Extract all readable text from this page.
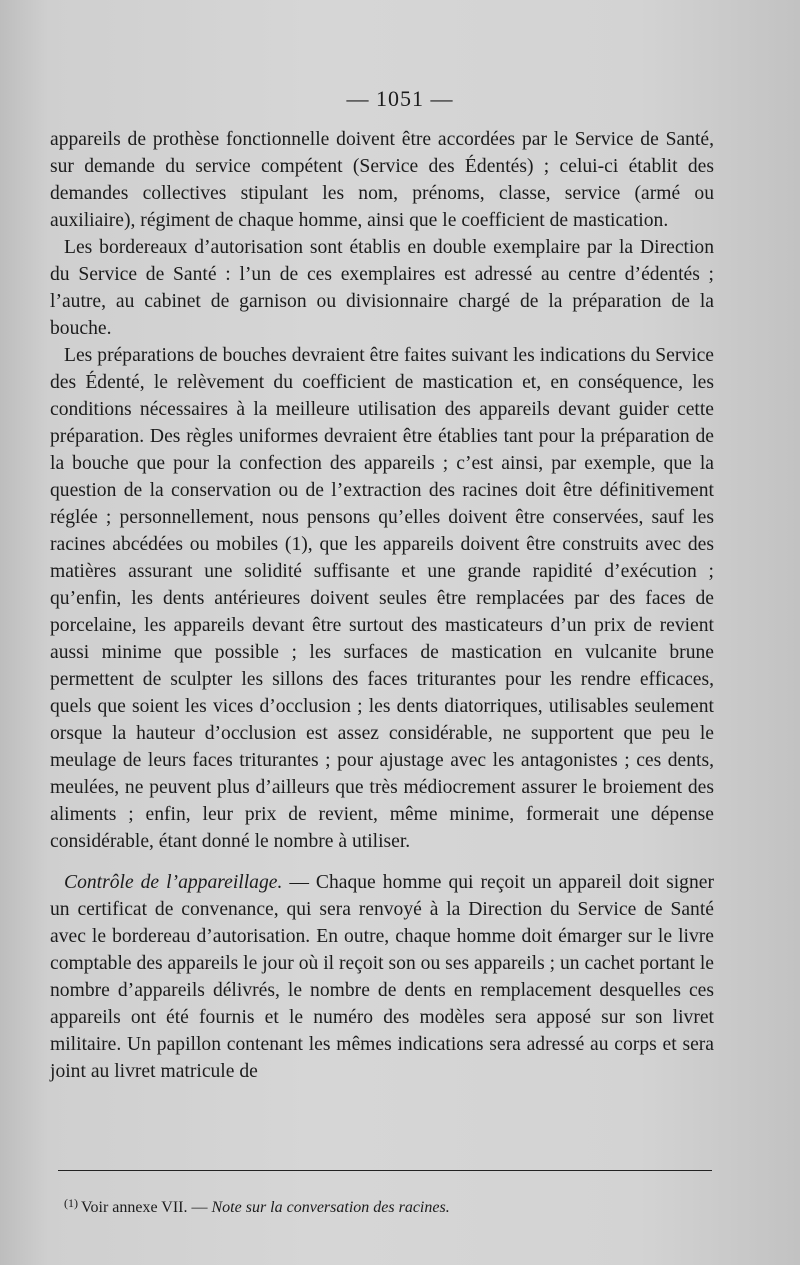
— 1051 —

appareils de prothèse fonctionnelle doivent être accordées par le Service de Santé, sur demande du service compétent (Service des Édentés) ; celui-ci établit des demandes collectives stipulant les nom, prénoms, classe, service (armé ou auxiliaire), régiment de chaque homme, ainsi que le coefficient de mastication.

Les bordereaux d’autorisation sont établis en double exemplaire par la Direction du Service de Santé : l’un de ces exemplaires est adressé au centre d’édentés ; l’autre, au cabinet de garnison ou divisionnaire chargé de la préparation de la bouche.

Les préparations de bouches devraient être faites suivant les indications du Service des Édenté, le relèvement du coefficient de mastication et, en conséquence, les conditions nécessaires à la meilleure utilisation des appareils devant guider cette préparation. Des règles uniformes devraient être établies tant pour la préparation de la bouche que pour la confection des appareils ; c’est ainsi, par exemple, que la question de la conservation ou de l’extraction des racines doit être définitivement réglée ; personnellement, nous pensons qu’elles doivent être conservées, sauf les racines abcédées ou mobiles (1), que les appareils doivent être construits avec des matières assurant une solidité suffisante et une grande rapidité d’exécution ; qu’enfin, les dents antérieures doivent seules être remplacées par des faces de porcelaine, les appareils devant être surtout des masticateurs d’un prix de revient aussi minime que possible ; les surfaces de mastication en vulcanite brune permettent de sculpter les sillons des faces triturantes pour les rendre efficaces, quels que soient les vices d’occlusion ; les dents diatorriques, utilisables seulement orsque la hauteur d’occlusion est assez considérable, ne supportent que peu le meulage de leurs faces triturantes ; pour ajustage avec les antagonistes ; ces dents, meulées, ne peuvent plus d’ailleurs que très médiocrement assurer le broiement des aliments ; enfin, leur prix de revient, même minime, formerait une dépense considérable, étant donné le nombre à utiliser.

Contrôle de l’appareillage. — Chaque homme qui reçoit un appareil doit signer un certificat de convenance, qui sera renvoyé à la Direction du Service de Santé avec le bordereau d’autorisation. En outre, chaque homme doit émarger sur le livre comptable des appareils le jour où il reçoit son ou ses appareils ; un cachet portant le nombre d’appareils délivrés, le nombre de dents en remplacement desquelles ces appareils ont été fournis et le numéro des modèles sera apposé sur son livret militaire. Un papillon contenant les mêmes indications sera adressé au corps et sera joint au livret matricule de

$^{(1)}$ Voir annexe VII. — Note sur la conversation des racines.
